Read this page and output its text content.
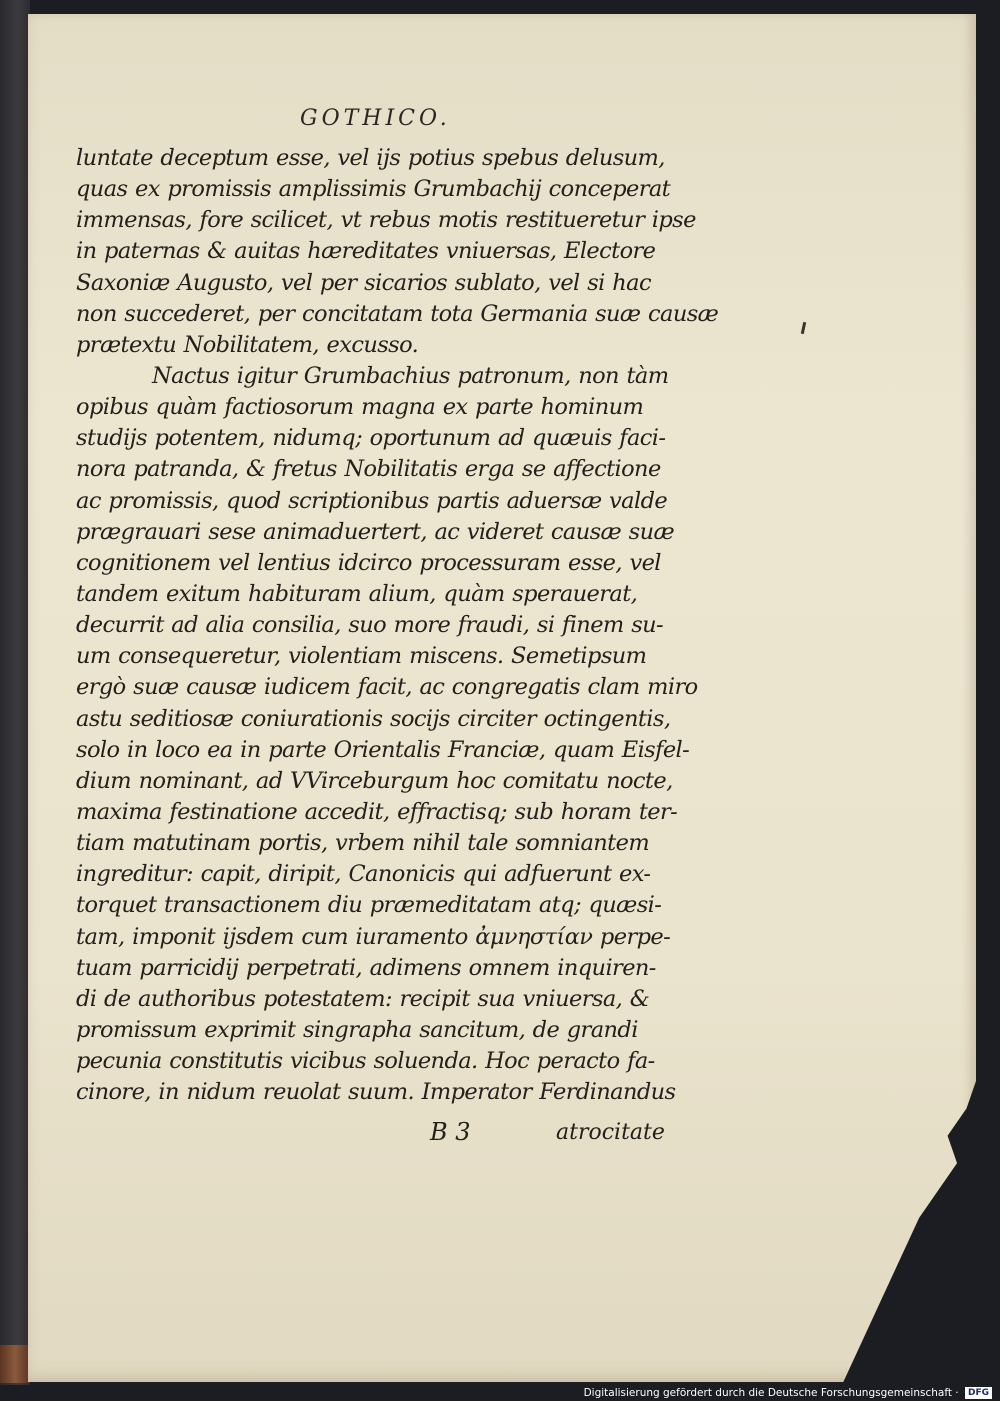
GOTHICO.
luntate deceptum esse, vel ijs potius spebus delusum,
quas ex promissis amplissimis Grumbachij conceperat
immensas, fore scilicet, vt rebus motis restitueretur ipse
in paternas & auitas hæreditates vniuersas, Electore
Saxoniæ Augusto, vel per sicarios sublato, vel si hac
non succederet, per concitatam tota Germania suæ causæ
prætextu Nobilitatem, excusso.
Nactus igitur Grumbachius patronum, non tàm
opibus quàm factiosorum magna ex parte hominum
studijs potentem, nidumq; oportunum ad quæuis faci-
nora patranda, & fretus Nobilitatis erga se affectione
ac promissis, quod scriptionibus partis aduersæ valde
prægrauari sese animaduertert, ac videret causæ suæ
cognitionem vel lentius idcirco processuram esse, vel
tandem exitum habituram alium, quàm sperauerat,
decurrit ad alia consilia, suo more fraudi, si finem su-
um consequeretur, violentiam miscens. Semetipsum
ergò suæ causæ iudicem facit, ac congregatis clam miro
astu seditiosæ coniurationis socijs circiter octingentis,
solo in loco ea in parte Orientalis Franciæ, quam Eisfel-
dium nominant, ad VVirceburgum hoc comitatu nocte,
maxima festinatione accedit, effractisq; sub horam ter-
tiam matutinam portis, vrbem nihil tale somniantem
ingreditur: capit, diripit, Canonicis qui adfuerunt ex-
torquet transactionem diu præmeditatam atq; quæsi-
tam, imponit ijsdem cum iuramento ἀμνηστίαν perpe-
tuam parricidij perpetrati, adimens omnem inquiren-
di de authoribus potestatem: recipit sua vniuersa, &
promissum exprimit singrapha sancitum, de grandi
pecunia constitutis vicibus soluenda. Hoc peracto fa-
cinore, in nidum reuolat suum. Imperator Ferdinandus
B 3	atrocitate
Digitalisierung gefördert durch die Deutsche Forschungsgemeinschaft · DFG
